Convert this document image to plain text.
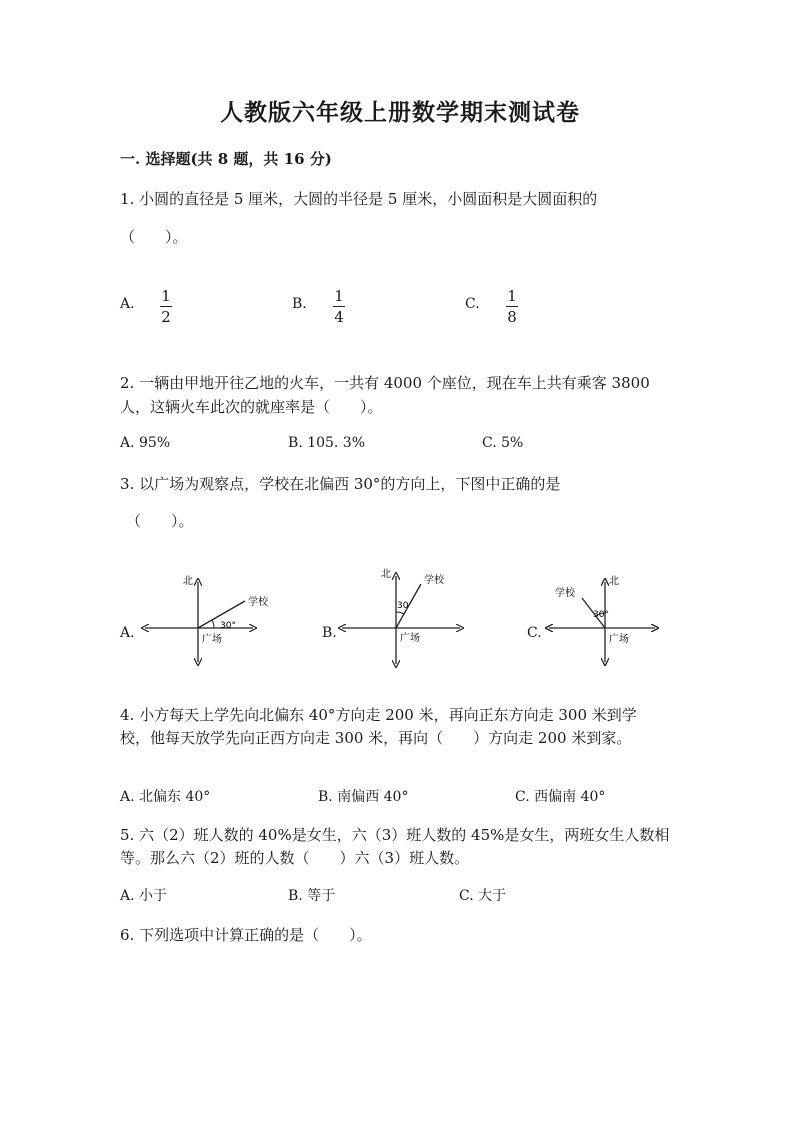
人教版六年级上册数学期末测试卷
一. 选择题(共 8 题，共 16 分)
1. 小圆的直径是 5 厘米，大圆的半径是 5 厘米，小圆面积是大圆面积的
（　　）。
A. 1
2
B. 1
4
C. 1
8
2. 一辆由甲地开往乙地的火车，一共有 4000 个座位，现在车上共有乘客 3800
人，这辆火车此次的就座率是（　　）。
A. 95%	B. 105. 3%	C. 5%
3. 以广场为观察点，学校在北偏西 30°的方向上，下图中正确的是
（　　）。
A.	B.	C.
北
学校
30°
广场
北
学校
30
广场
北
学校
30°
广场
4. 小方每天上学先向北偏东 40°方向走 200 米，再向正东方向走 300 米到学
校，他每天放学先向正西方向走 300 米，再向（　　）方向走 200 米到家。
A. 北偏东 40°	B. 南偏西 40°	C. 西偏南 40°
5. 六（2）班人数的 40%是女生，六（3）班人数的 45%是女生，两班女生人数相
等。那么六（2）班的人数（　　）六（3）班人数。
A. 小于	B. 等于	C. 大于
6. 下列选项中计算正确的是（　　）。
